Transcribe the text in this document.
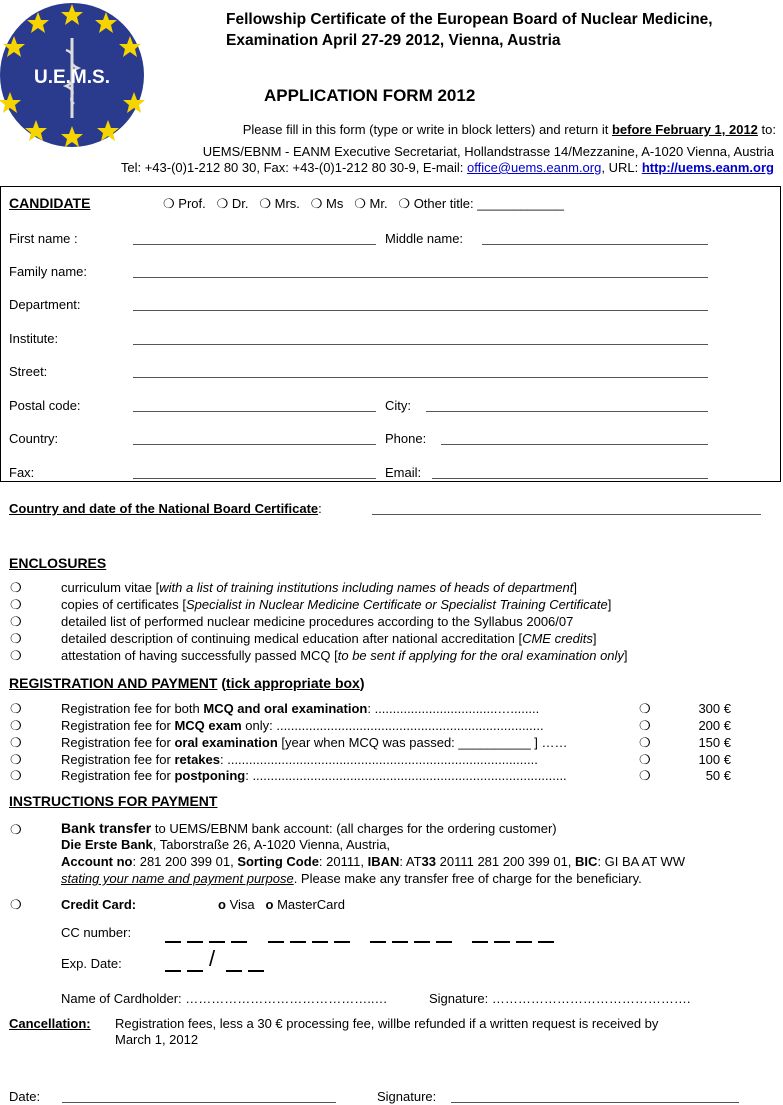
U.E.M.S.
Fellowship Certificate of the European Board of Nuclear Medicine,
Examination April 27-29 2012, Vienna, Austria
APPLICATION FORM 2012
Please fill in this form (type or write in block letters) and return it before February 1, 2012 to:
UEMS/EBNM - EANM Executive Secretariat, Hollandstrasse 14/Mezzanine, A-1020 Vienna, Austria
Tel: +43-(0)1-212 80 30, Fax: +43-(0)1-212 80 30-9, E-mail: office@uems.eanm.org, URL: http://uems.eanm.org
CANDIDATE	❍ Prof. ❍ Dr. ❍ Mrs. ❍ Ms ❍ Mr. ❍ Other title: ____________
First name :	Middle name:
Family name:
Department:
Institute:
Street:
Postal code:	City:
Country:	Phone:
Fax:	Email:
Country and date of the National Board Certificate:
ENCLOSURES
❍	curriculum vitae [with a list of training institutions including names of heads of department]
❍	copies of certificates [Specialist in Nuclear Medicine Certificate or Specialist Training Certificate]
❍	detailed list of performed nuclear medicine procedures according to the Syllabus 2006/07
❍	detailed description of continuing medical education after national accreditation [CME credits]
❍	attestation of having successfully passed MCQ [to be sent if applying for the oral examination only]
REGISTRATION AND PAYMENT (tick appropriate box)
❍	Registration fee for both MCQ and oral examination: ..................................…........	❍	300 €
❍	Registration fee for MCQ exam only: ..........................................................................	❍	200 €
❍	Registration fee for oral examination [year when MCQ was passed: __________ ] ……	❍	150 €
❍	Registration fee for retakes: ......................................................................................	❍	100 €
❍	Registration fee for postponing: .......................................................................................	❍	50 €
INSTRUCTIONS FOR PAYMENT
❍	Bank transfer to UEMS/EBNM bank account: (all charges for the ordering customer)
Die Erste Bank, Taborstraße 26, A-1020 Vienna, Austria,
Account no: 281 200 399 01, Sorting Code: 20111, IBAN: AT33 20111 281 200 399 01, BIC: GI BA AT WW
stating your name and payment purpose. Please make any transfer free of charge for the beneficiary.
❍	Credit Card:	o Visa o MasterCard
CC number:
Exp. Date:	/
Name of Cardholder: ……………………………………..…	Signature: ……………………………………….
Cancellation: Registration fees, less a 30 € processing fee, willbe refunded if a written request is received by
March 1, 2012
Date:	Signature:
